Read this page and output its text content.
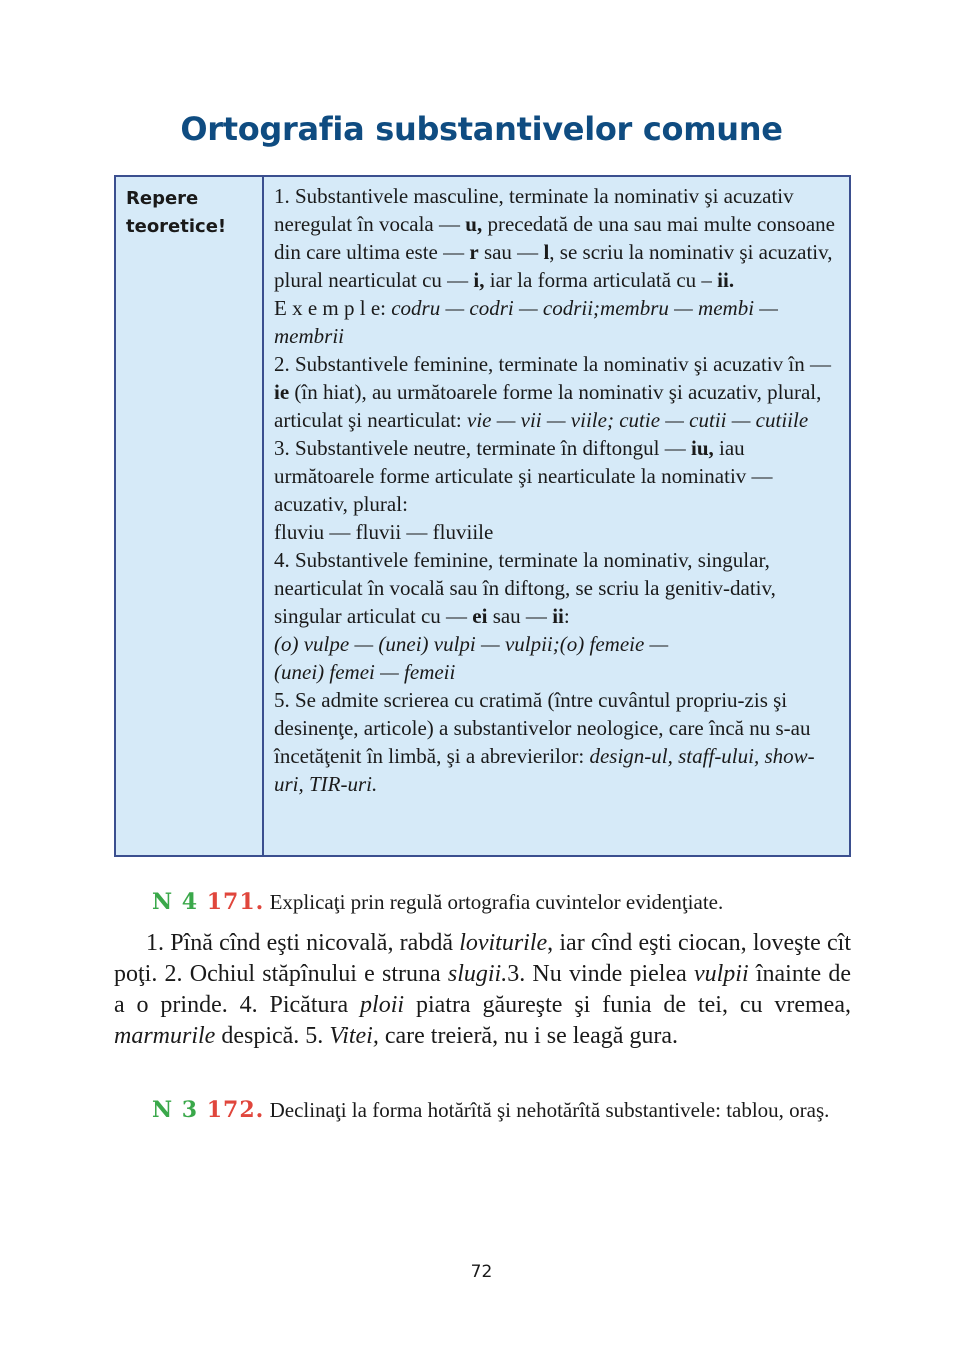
Ortografia substantivelor comune
Repere
teoretice!

1. Substantivele masculine, terminate la nominativ şi acuzativ neregulat în vocala — u, precedată de una sau mai multe consoane din care ultima este — r sau — l, se scriu la nominativ şi acuzativ, plural nearticulat cu — i, iar la forma articulată cu – ii.

E x e m p l e: codru — codri — codrii;membru — membi — membrii

2. Substantivele feminine, terminate la nominativ şi acuzativ în — ie (în hiat), au următoarele forme la nominativ şi acuzativ, plural, articulat şi nearticulat: vie — vii — viile; cutie — cutii — cutiile

3. Substantivele neutre, terminate în diftongul — iu, iau următoarele forme articulate şi nearticulate la nominativ — acuzativ, plural:

fluviu — fluvii — fluviile

4. Substantivele feminine, terminate la nominativ, singular, nearticulat în vocală sau în diftong, se scriu la genitiv-dativ, singular articulat cu — ei sau — ii:

(o) vulpe — (unei) vulpi — vulpii;(o) femeie —

(unei) femei — femeii

5. Se admite scrierea cu cratimă (între cuvântul propriu-zis şi desinenţe, articole) a substantivelor neologice, care încă nu s-au încetăţenit în limbă, şi a abrevierilor: design-ul, staff-ului, show-uri, TIR-uri.

N 4 171. Explicaţi prin regulă ortografia cuvintelor evidenţiate.

1. Pînă cînd eşti nicovală, rabdă loviturile, iar cînd eşti ciocan, loveşte cît poţi. 2. Ochiul stăpînului e struna slugii.3. Nu vinde pielea vulpii înainte de a o prinde. 4. Picătura ploii piatra găureşte şi funia de tei, cu vremea, marmurile despică. 5. Vitei, care treieră, nu i se leagă gura.

N 3 172. Declinaţi la forma hotărîtă şi nehotărîtă substantivele: tablou, oraş.

72
